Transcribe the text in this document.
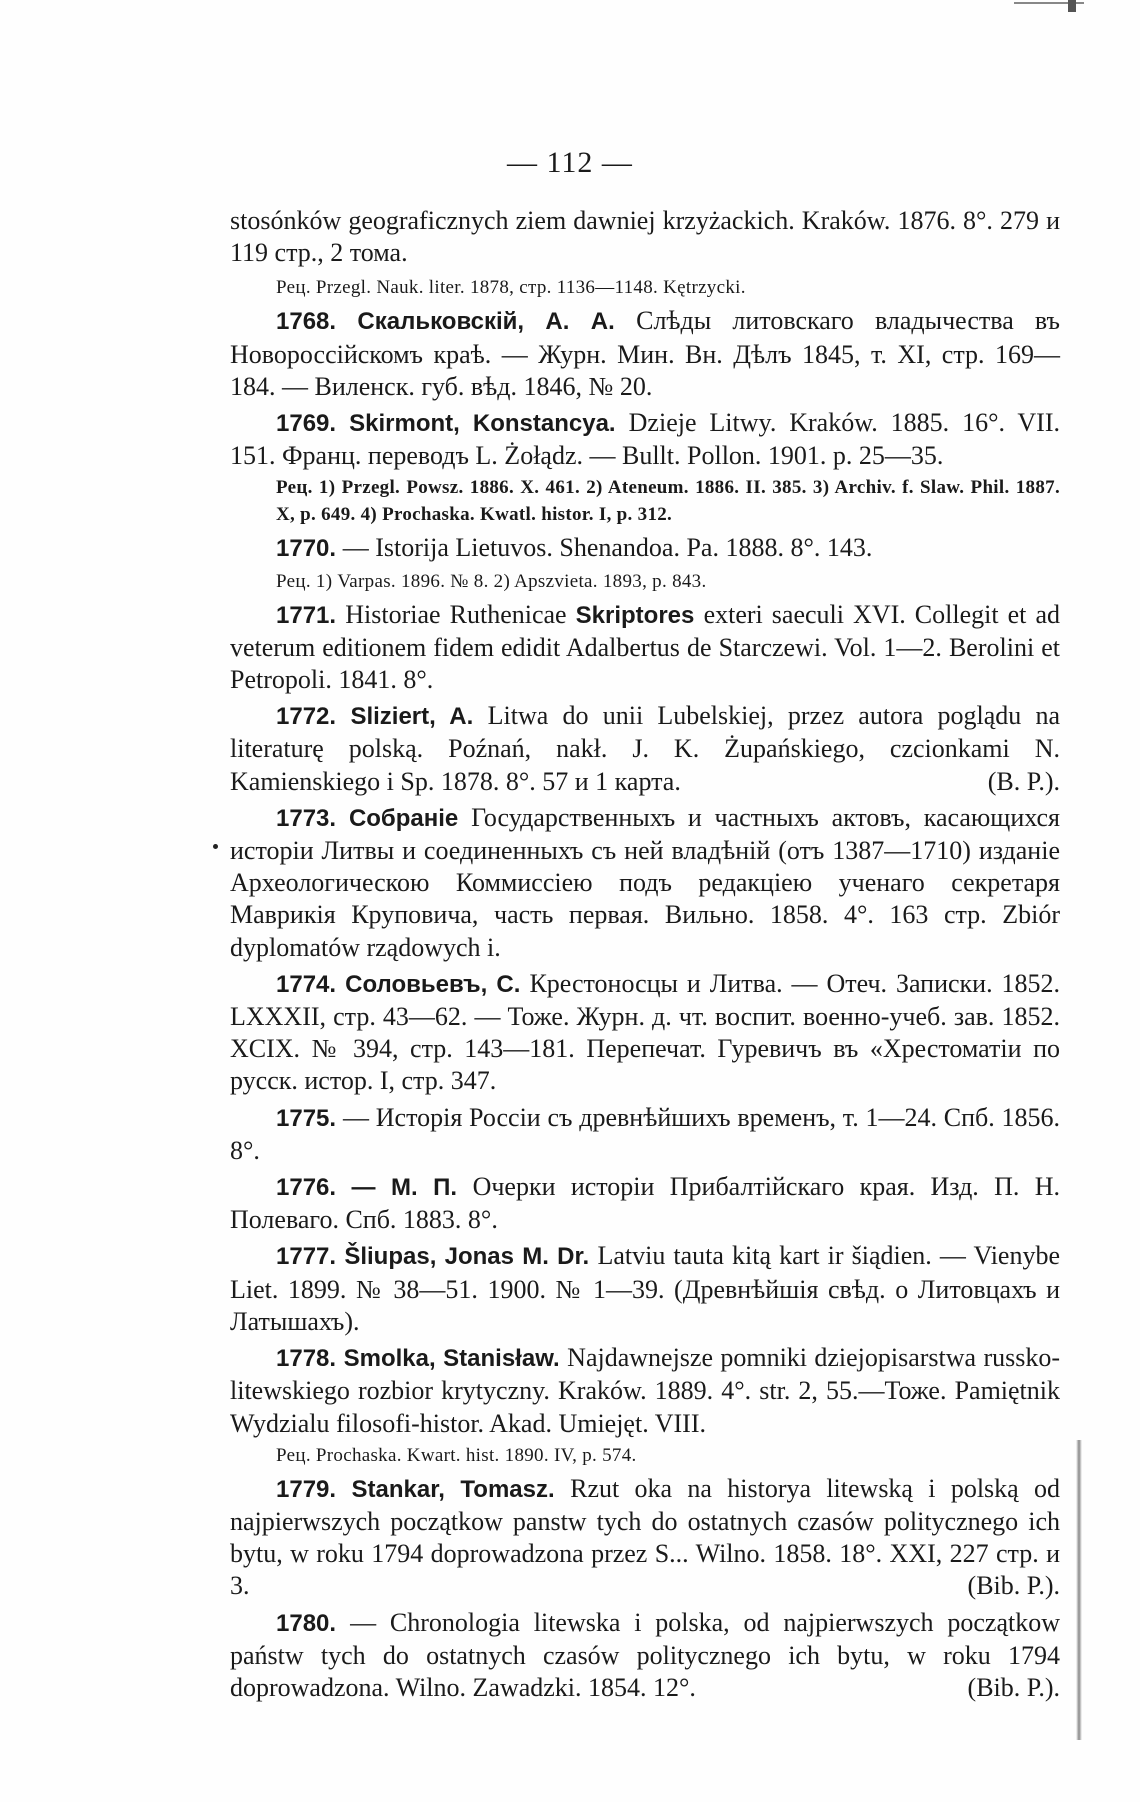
— 112 —

stosónków geograficznych ziem dawniej krzyżackich. Kraków. 1876. 8°. 279 и 119 стр., 2 тома.

Рец. Przegl. Nauk. liter. 1878, стр. 1136—1148. Kętrzycki.

1768. Скальковскій, А. А. Слѣды литовскаго владычества въ Новороссійскомъ краѣ. — Журн. Мин. Вн. Дѣлъ 1845, т. XI, стр. 169—184. — Виленск. губ. вѣд. 1846, № 20.

1769. Skirmont, Konstancya. Dzieje Litwy. Kraków. 1885. 16°. VII. 151. Франц. переводъ L. Żołądz. — Bullt. Pollon. 1901. p. 25—35.

Рец. 1) Przegl. Powsz. 1886. X. 461. 2) Ateneum. 1886. II. 385. 3) Archiv. f. Slaw. Phil. 1887. X, p. 649. 4) Prochaska. Kwatl. histor. I, p. 312.

1770. — Istorija Lietuvos. Shenandoa. Pa. 1888. 8°. 143.

Рец. 1) Varpas. 1896. № 8. 2) Apszvieta. 1893, p. 843.

1771. Historiae Ruthenicae Skriptores exteri saeculi XVI. Collegit et ad veterum editionem fidem edidit Adalbertus de Starczewi. Vol. 1—2. Berolini et Petropoli. 1841. 8°.

1772. Sliziert, A. Litwa do unii Lubelskiej, przez autora poglądu na literaturę polską. Poźnań, nakł. J. K. Żupańskiego, czcionkami N. Kamienskiego i Sp. 1878. 8°. 57 и 1 карта.	(B. P.).

1773. Собраніе Государственныхъ и частныхъ актовъ, касающихся исторіи Литвы и соединенныхъ съ ней владѣній (отъ 1387—1710) изданіе Археологическою Коммиссіею подъ редакціею ученаго секретаря Маврикія Круповича, часть первая. Вильно. 1858. 4°. 163 стр. Zbiór dyplomatów rządowych i.

1774. Соловьевъ, С. Крестоносцы и Литва. — Отеч. Записки. 1852. LXXXII, стр. 43—62. — Тоже. Журн. д. чт. воспит. военно-учеб. зав. 1852. XCIX. № 394, стр. 143—181. Перепечат. Гуревичъ въ «Хрестоматіи по русск. истор. I, стр. 347.

1775. — Исторія Россіи съ древнѣйшихъ временъ, т. 1—24. Спб. 1856. 8°.

1776. — М. П. Очерки исторіи Прибалтійскаго края. Изд. П. Н. Полеваго. Спб. 1883. 8°.

1777. Šliupas, Jonas M. Dr. Latviu tauta kitą kart ir šiądien. — Vienybe Liet. 1899. № 38—51. 1900. № 1—39. (Древнѣйшія свѣд. о Литовцахъ и Латышахъ).

1778. Smolka, Stanisław. Najdawnejsze pomniki dziejopisarstwa russko-litewskiego rozbior krytyczny. Kraków. 1889. 4°. str. 2, 55.—Тоже. Pamiętnik Wydzialu filosofi-histor. Akad. Umiejęt. VIII.

Рец. Prochaska. Kwart. hist. 1890. IV, p. 574.

1779. Stankar, Tomasz. Rzut oka na historya litewską i polską od najpierwszych początkow panstw tych do ostatnych czasów politycznego ich bytu, w roku 1794 doprowadzona przez S... Wilno. 1858. 18°. XXI, 227 стр. и 3.	(Bib. P.).

1780. — Chronologia litewska i polska, od najpierwszych początkow państw tych do ostatnych czasów politycznego ich bytu, w roku 1794 doprowadzona. Wilno. Zawadzki. 1854. 12°.	(Bib. P.).
